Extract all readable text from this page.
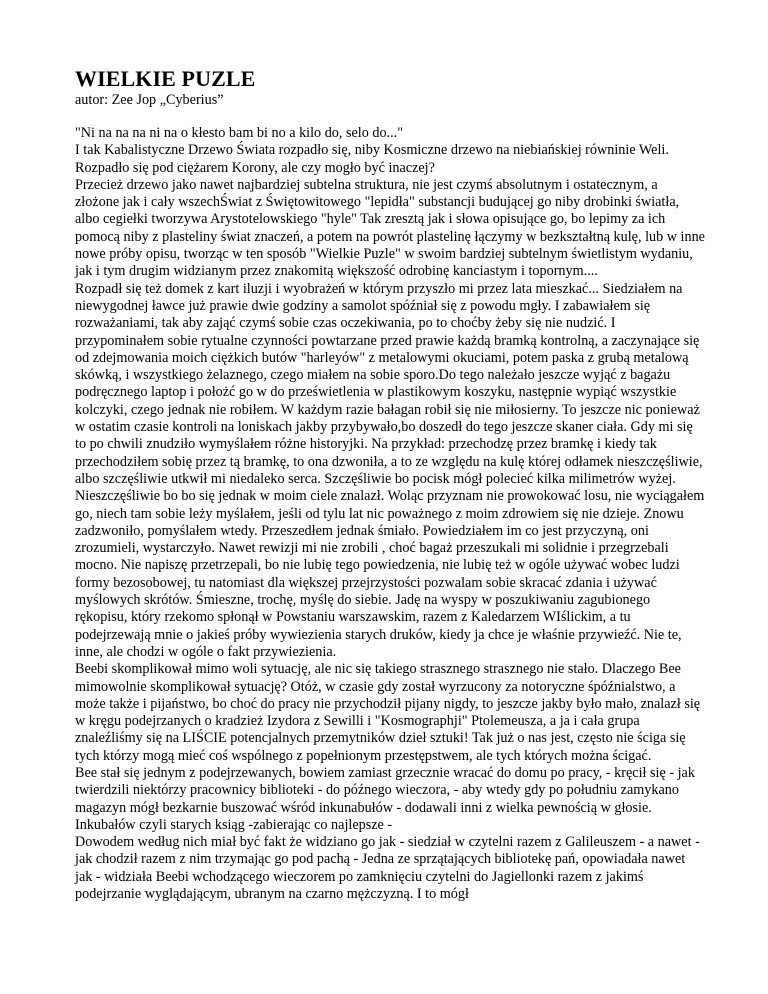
WIELKIE PUZLE
autor: Zee Jop „Cyberius”

"Ni na na na ni na o kłesto bam bi no a kilo do, selo do..."

I tak Kabalistyczne Drzewo Świata rozpadło się, niby Kosmiczne drzewo na niebiańskiej równinie Weli. Rozpadło się pod ciężarem Korony, ale czy mogło być inaczej?

Przecież drzewo jako nawet najbardziej subtelna struktura, nie jest czymś absolutnym i ostatecznym, a złożone jak i cały wszechŚwiat z Świętowitowego "lepidła" substancji budującej go niby drobinki światła, albo cegiełki tworzywa Arystotelowskiego "hyle" Tak zresztą jak i słowa opisujące go, bo lepimy za ich pomocą niby z plasteliny świat znaczeń, a potem na powrót plastelinę łączymy w bezkształtną kulę, lub w inne nowe próby opisu, tworząc w ten sposób "Wielkie Puzle" w swoim bardziej subtelnym świetlistym wydaniu, jak i tym drugim widzianym przez znakomitą większość odrobinę kanciastym i topornym....

Rozpadł się też domek z kart iluzji i wyobrażeń w którym przyszło mi przez lata mieszkać... Siedziałem na niewygodnej ławce już prawie dwie godziny a samolot spóźniał się z powodu mgły. I zabawiałem się rozważaniami, tak aby zająć czymś sobie czas oczekiwania, po to choćby żeby się nie nudzić. I przypominałem sobie rytualne czynności powtarzane przed prawie każdą bramką kontrolną, a zaczynające się od zdejmowania moich ciężkich butów "harleyów" z metalowymi okuciami, potem paska z grubą metalową skówką, i wszystkiego żelaznego, czego miałem na sobie sporo.Do tego należało jeszcze wyjąć z bagażu podręcznego laptop i położć go w do prześwietlenia w plastikowym koszyku, następnie wypiąć wszystkie kolczyki, czego jednak nie robiłem. W każdym razie bałagan robił się nie miłosierny. To jeszcze nic ponieważ w ostatim czasie kontroli na loniskach jakby przybywało,bo doszedł do tego jeszcze skaner ciała. Gdy mi się to po chwili znudziło wymyślałem różne historyjki. Na przykład: przechodzę przez bramkę i kiedy tak przechodziłem sobię przez tą bramkę, to ona dzwoniła, a to ze względu na kulę której odłamek nieszczęśliwie, albo szczęśliwie utkwił mi niedaleko serca. Szczęśliwie bo pocisk mógł polecieć kilka milimetrów wyżej. Nieszczęśliwie bo bo się jednak w moim ciele znalazł. Woląc przyznam nie prowokować losu, nie wyciągałem go, niech tam sobie leży myślałem, jeśli od tylu lat nic poważnego z moim zdrowiem się nie dzieje. Znowu zadzwoniło, pomyślałem wtedy. Przeszedłem jednak śmiało. Powiedziałem im co jest przyczyną, oni zrozumieli, wystarczyło. Nawet rewizji mi nie zrobili , choć bagaż przeszukali mi solidnie i przegrzebali mocno. Nie napiszę przetrzepali, bo nie lubię tego powiedzenia, nie lubię też w ogóle używać wobec ludzi formy bezosobowej, tu natomiast dla większej przejrzystości pozwalam sobie skracać zdania i używać myślowych skrótów. Śmieszne, trochę, myślę do siebie. Jadę na wyspy w poszukiwaniu zagubionego rękopisu, który rzekomo spłonął w Powstaniu warszawskim, razem z Kaledarzem WIślickim, a tu podejrzewają mnie o jakieś próby wywiezienia starych druków, kiedy ja chce je właśnie przywieźć. Nie te, inne, ale chodzi w ogóle o fakt przywiezienia.

Beebi skomplikował mimo woli sytuację, ale nic się takiego strasznego strasznego nie stało. Dlaczego Bee mimowolnie skomplikował sytuację? Otóż, w czasie gdy został wyrzucony za notoryczne śpóźnialstwo, a może także i pijaństwo, bo choć do pracy nie przychodził pijany nigdy, to jeszcze jakby było mało, znalazł się w kręgu podejrzanych o kradzież Izydora z Sewilli i "Kosmographji" Ptolemeusza, a ja i cała grupa znaleźliśmy się na LIŚCIE potencjalnych przemytników dzieł sztuki! Tak już o nas jest, często nie ściga się tych którzy mogą mieć coś wspólnego z popełnionym przestępstwem, ale tych których można ścigać.

Bee stał się jednym z podejrzewanych, bowiem zamiast grzecznie wracać do domu po pracy, - kręcił się - jak twierdzili niektórzy pracownicy biblioteki - do późnego wieczora, - aby wtedy gdy po południu zamykano magazyn mógł bezkarnie buszować wśród inkunabułów - dodawali inni z wielka pewnością w głosie. Inkubałów czyli starych ksiąg -zabierając co najlepsze -

Dowodem według nich miał być fakt że widziano go jak - siedział w czytelni razem z Galileuszem - a nawet - jak chodził razem z nim trzymając go pod pachą - Jedna ze sprzątających bibliotekę pań, opowiadała nawet jak - widziała Beebi wchodzącego wieczorem po zamknięciu czytelni do Jagiellonki razem z jakimś podejrzanie wyglądającym, ubranym na czarno mężczyzną. I to mógł
